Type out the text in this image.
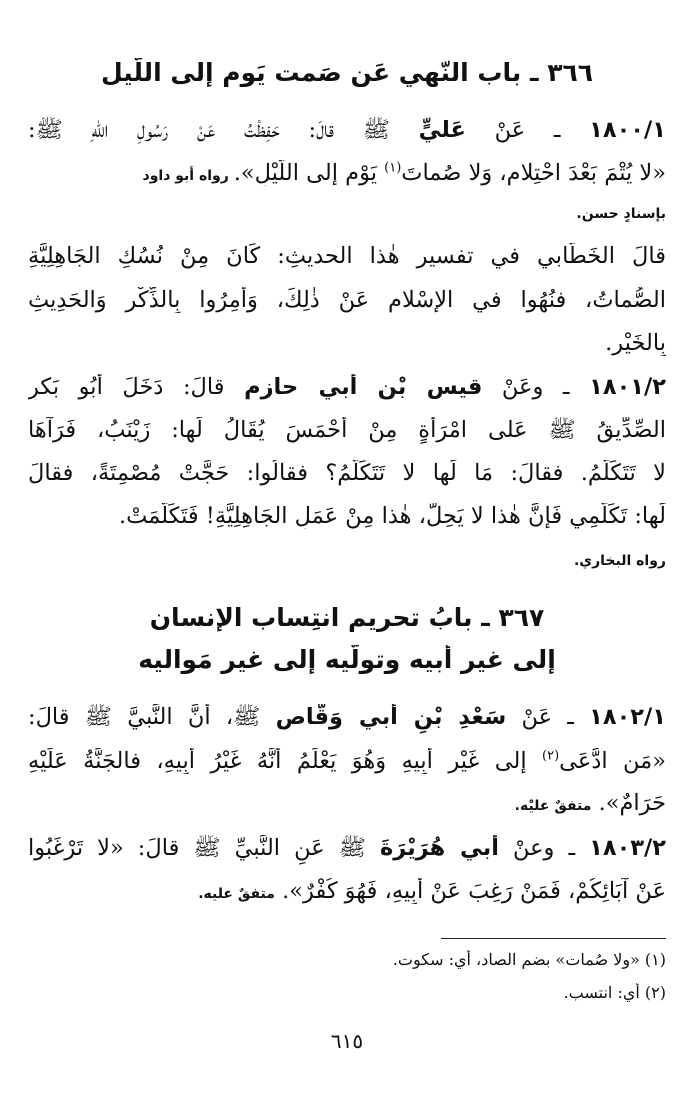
٣٦٦ ـ باب النّهي عَن صَمت يَوم إلى اللّيل
١٨٠٠/١ ـ عَنْ عَليٍّ ﷺ قالَ: حَفِظْتُ عَنْ رَسُولِ اللهِ ﷺ:
«لا يُتْمَ بَعْدَ احْتِلامٍ، وَلا صُماتَ$^{(١)}$ يَوْمٍ إلى اللَّيْلِ». رواه أبو داود
بإسنادٍ حسن.
قالَ الخَطَّابي في تفسيرِ هٰذا الحديثِ: كَانَ مِنْ نُسُكِ الجَاهِلِيَّةِ
الصُّماتُ، فنُهُوا في الإسْلامِ عَنْ ذٰلِكَ، وَأُمِرُوا بِالذِّكْرِ وَالحَدِيثِ
بِالخَيْرِ.
١٨٠١/٢ ـ وعَنْ قيسِ بْنِ أبي حازم قالَ: دَخَلَ أَبُو بَكرٍ
الصِّدِّيقُ ﷺ عَلى امْرَأةٍ مِنْ أَحْمَسَ يُقَالُ لَها: زَيْنَبُ، فَرَآهَا
لا تَتَكَلَّمُ. فقالَ: مَا لَها لا تَتَكَلَّمُ؟ فقالُوا: حَجَّتْ مُصْمِتَةً، فقالَ
لَها: تَكَلَّمِي فَإنَّ هٰذا لا يَحِلُّ، هٰذا مِنْ عَمَلِ الجَاهِلِيَّةِ! فَتَكَلَّمَتْ.
رواه البخاري.
٣٦٧ ـ بابُ تحريم انتِساب الإنسان
إلى غير أبيه وتولّيه إلى غير مَواليه
١٨٠٢/١ ـ عَنْ سَعْدِ بْنِ أَبي وَقَّاص ﷺ، أنَّ النَّبيَّ ﷺ قالَ:
«مَنِ ادَّعَى$^{(٢)}$ إلى غَيْرِ أَبِيهِ وَهُوَ يَعْلَمُ أَنَّهُ غَيْرُ أَبِيهِ، فالجَنَّةُ عَلَيْهِ
حَرَامٌ». متفقٌ عليْه.
١٨٠٣/٢ ـ وعنْ أَبي هُرَيْرَةَ ﷺ عَنِ النَّبيِّ ﷺ قالَ: «لا تَرْغَبُوا
عَنْ آبَائِكُمْ، فَمَنْ رَغِبَ عَنْ أَبِيهِ، فَهُوَ كُفْرٌ». متفقٌ عليه.
(١) «ولا صُمات» بضم الصاد، أي: سكوت.
(٢) أي: انتسب.
٦١٥
